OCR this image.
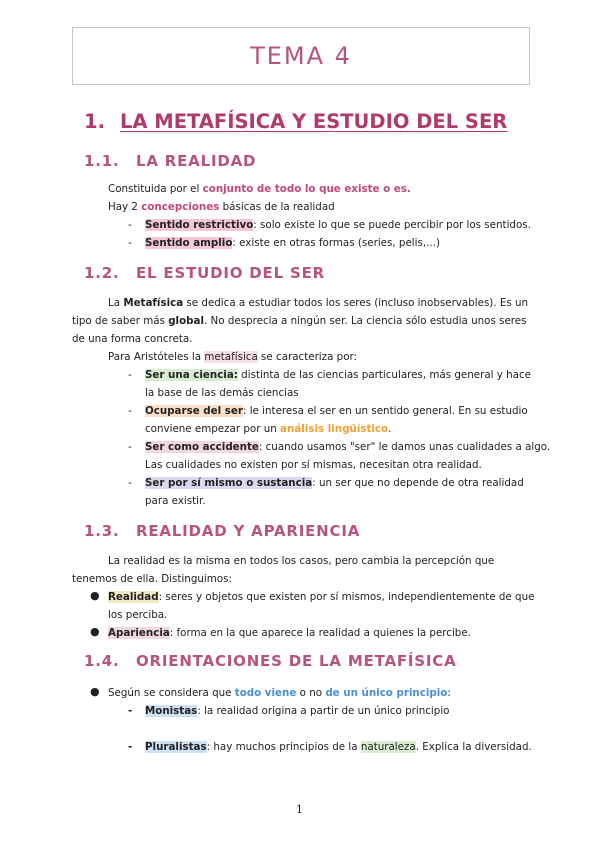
TEMA 4
1. LA METAFÍSICA Y ESTUDIO DEL SER
1.1. LA REALIDAD
Constituida por el conjunto de todo lo que existe o es.
Hay 2 concepciones básicas de la realidad
- Sentido restrictivo: solo existe lo que se puede percibir por los sentidos.
- Sentido amplio: existe en otras formas (series, pelis,...)
1.2. EL ESTUDIO DEL SER
La Metafísica se dedica a estudiar todos los seres (incluso inobservables). Es un
tipo de saber más global. No desprecia a ningún ser. La ciencia sólo estudia unos seres
de una forma concreta.
Para Aristóteles la metafísica se caracteriza por:
- Ser una ciencia: distinta de las ciencias particulares, más general y hace
la base de las demás ciencias
- Ocuparse del ser: le interesa el ser en un sentido general. En su estudio
conviene empezar por un análisis lingüístico.
- Ser como accidente: cuando usamos "ser" le damos unas cualidades a algo.
Las cualidades no existen por sí mismas, necesitan otra realidad.
- Ser por sí mismo o sustancia: un ser que no depende de otra realidad
para existir.
1.3. REALIDAD Y APARIENCIA
La realidad es la misma en todos los casos, pero cambia la percepción que
tenemos de ella. Distinguimos:
● Realidad: seres y objetos que existen por sí mismos, independientemente de que
los perciba.
● Apariencia: forma en la que aparece la realidad a quienes la percibe.
1.4. ORIENTACIONES DE LA METAFÍSICA
● Según se considera que todo viene o no de un único principio:
- Monistas: la realidad origina a partir de un único principio
- Pluralistas: hay muchos principios de la naturaleza. Explica la diversidad.
1
